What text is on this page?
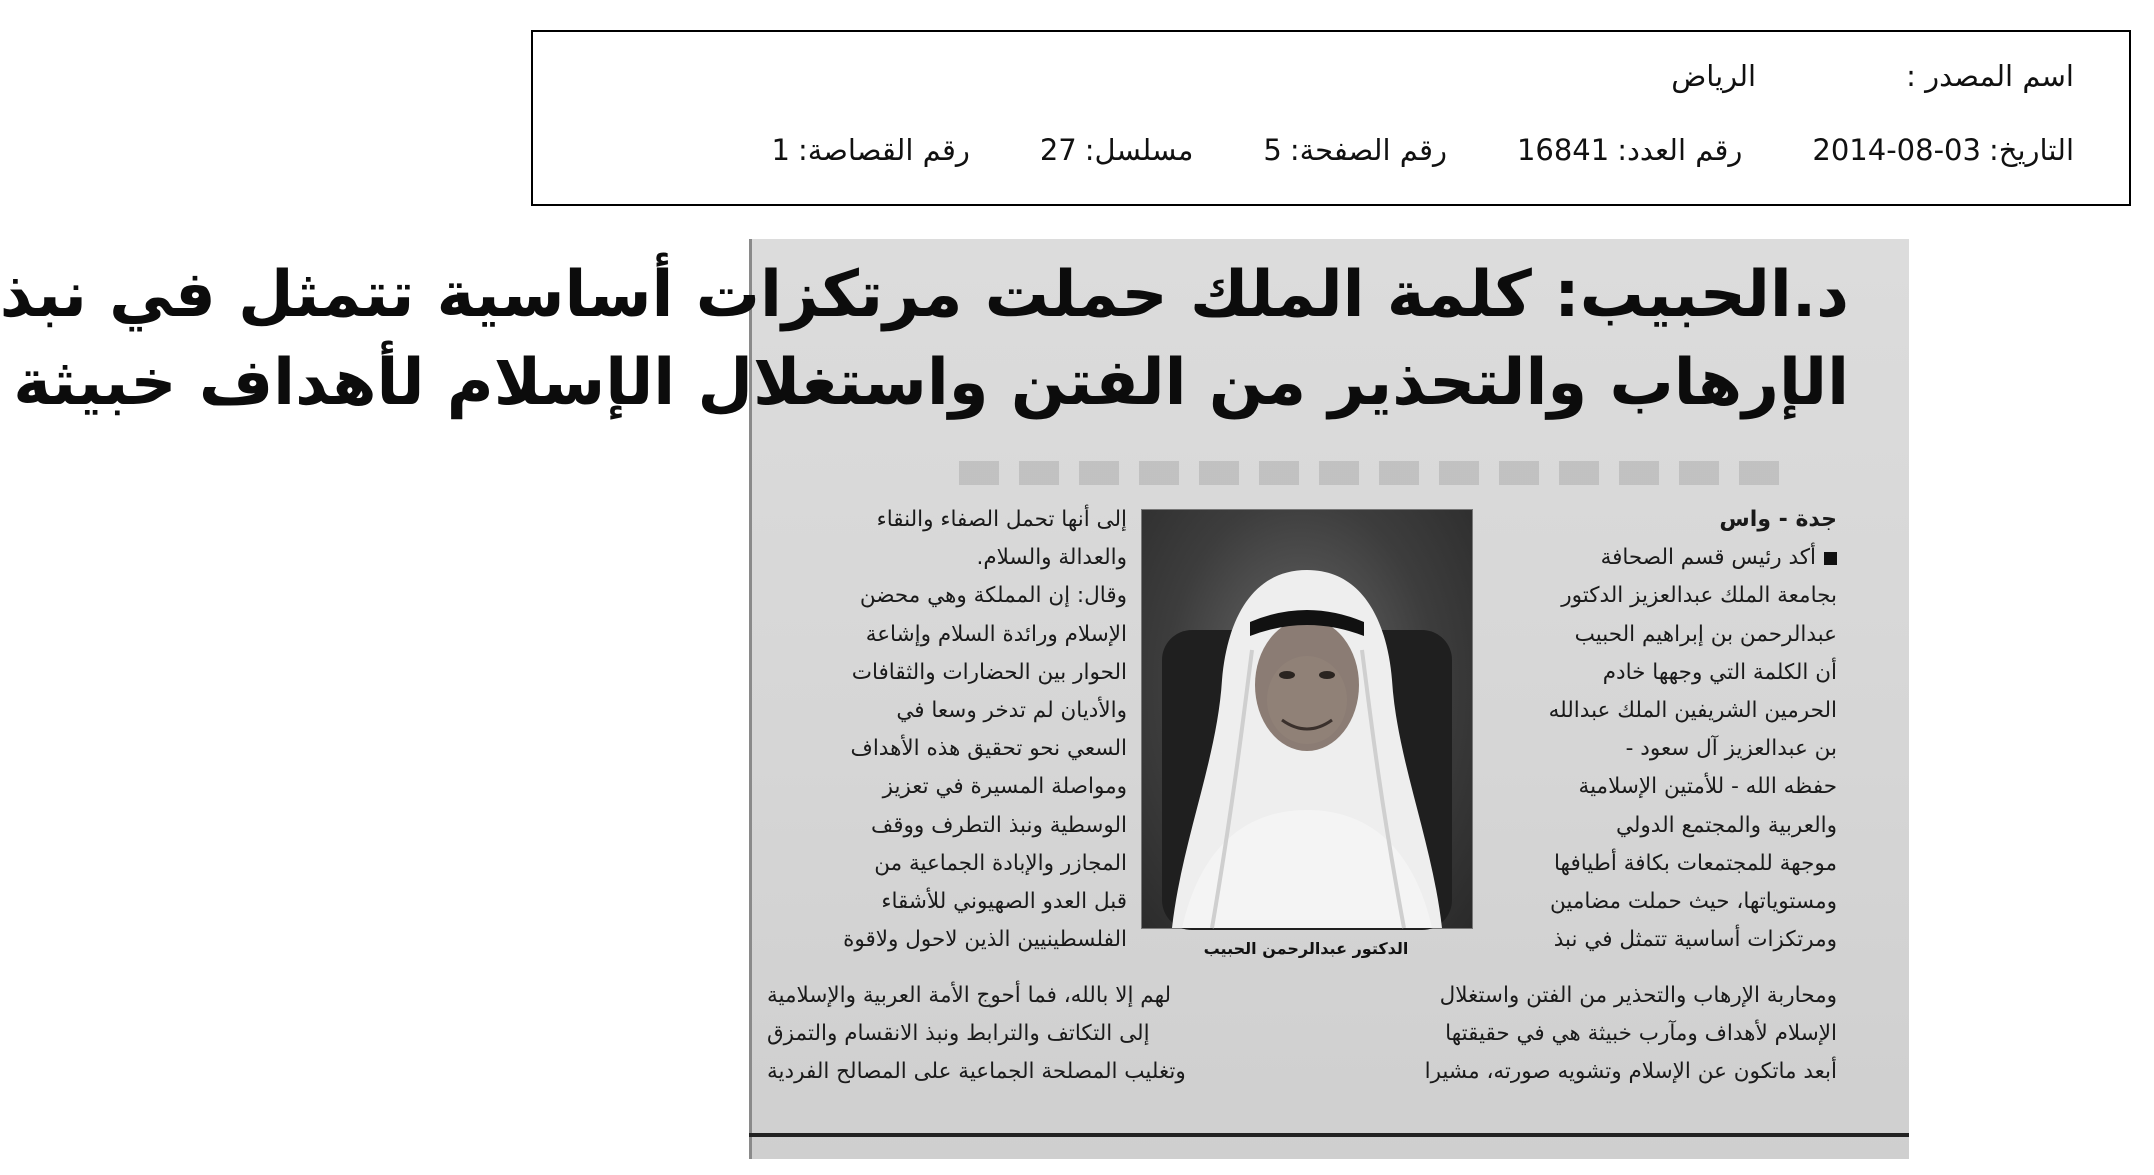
اسم المصدر :
الرياض
التاريخ:
2014-08-03
رقم العدد:
16841
رقم الصفحة:
5
مسلسل:
27
رقم القصاصة:
1
د.الحبيب: كلمة الملك حملت مرتكزات أساسية تتمثل في نبذ
الإرهاب والتحذير من الفتن واستغلال الإسلام لأهداف خبيثة
جدة - واس
أكد رئيس قسم الصحافة
بجامعة الملك عبدالعزيز الدكتور
عبدالرحمن بن إبراهيم الحبيب
أن الكلمة التي وجهها خادم
الحرمين الشريفين الملك عبدالله
بن عبدالعزيز آل سعود -
حفظه الله - للأمتين الإسلامية
والعربية والمجتمع الدولي
موجهة للمجتمعات بكافة أطيافها
ومستوياتها، حيث حملت مضامين
ومرتكزات أساسية تتمثل في نبذ
الدكتور عبدالرحمن الحبيب
إلى أنها تحمل الصفاء والنقاء
والعدالة والسلام.
وقال: إن المملكة وهي محضن
الإسلام ورائدة السلام وإشاعة
الحوار بين الحضارات والثقافات
والأديان لم تدخر وسعا في
السعي نحو تحقيق هذه الأهداف
ومواصلة المسيرة في تعزيز
الوسطية ونبذ التطرف ووقف
المجازر والإبادة الجماعية من
قبل العدو الصهيوني للأشقاء
الفلسطينيين الذين لاحول ولاقوة
ومحاربة الإرهاب والتحذير من الفتن واستغلال
لهم إلا بالله، فما أحوج الأمة العربية والإسلامية
الإسلام لأهداف ومآرب خبيثة هي في حقيقتها
إلى التكاتف والترابط ونبذ الانقسام والتمزق
أبعد ماتكون عن الإسلام وتشويه صورته، مشيرا
وتغليب المصلحة الجماعية على المصالح الفردية
